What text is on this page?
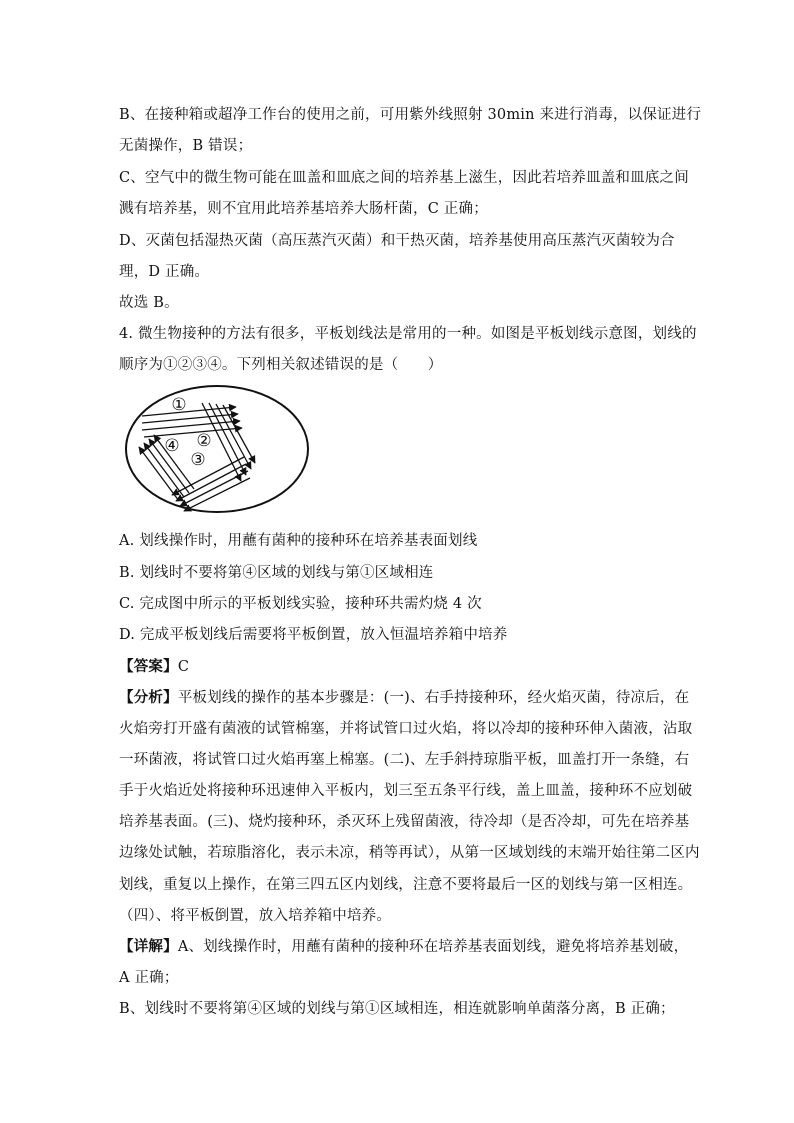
B、在接种箱或超净工作台的使用之前，可用紫外线照射 30min 来进行消毒，以保证进行
无菌操作，B 错误；
C、空气中的微生物可能在皿盖和皿底之间的培养基上滋生，因此若培养皿盖和皿底之间
溅有培养基，则不宜用此培养基培养大肠杆菌，C 正确；
D、灭菌包括湿热灭菌（高压蒸汽灭菌）和干热灭菌，培养基使用高压蒸汽灭菌较为合
理，D 正确。
故选 B。
4. 微生物接种的方法有很多，平板划线法是常用的一种。如图是平板划线示意图，划线的
顺序为①②③④。下列相关叙述错误的是（　　）
①
②
③
④
A. 划线操作时，用蘸有菌种的接种环在培养基表面划线
B. 划线时不要将第④区域的划线与第①区域相连
C. 完成图中所示的平板划线实验，接种环共需灼烧 4 次
D. 完成平板划线后需要将平板倒置，放入恒温培养箱中培养
【答案】C
【分析】平板划线的操作的基本步骤是：(一)、右手持接种环，经火焰灭菌，待凉后，在
火焰旁打开盛有菌液的试管棉塞，并将试管口过火焰，将以冷却的接种环伸入菌液，沾取
一环菌液，将试管口过火焰再塞上棉塞。(二)、左手斜持琼脂平板，皿盖打开一条缝，右
手于火焰近处将接种环迅速伸入平板内，划三至五条平行线，盖上皿盖，接种环不应划破
培养基表面。(三)、烧灼接种环，杀灭环上残留菌液，待冷却（是否冷却，可先在培养基
边缘处试触，若琼脂溶化，表示未凉，稍等再试），从第一区域划线的末端开始往第二区内
划线，重复以上操作，在第三四五区内划线，注意不要将最后一区的划线与第一区相连。
（四）、将平板倒置，放入培养箱中培养。
【详解】A、划线操作时，用蘸有菌种的接种环在培养基表面划线，避免将培养基划破，
A 正确；
B、划线时不要将第④区域的划线与第①区域相连，相连就影响单菌落分离，B 正确；
